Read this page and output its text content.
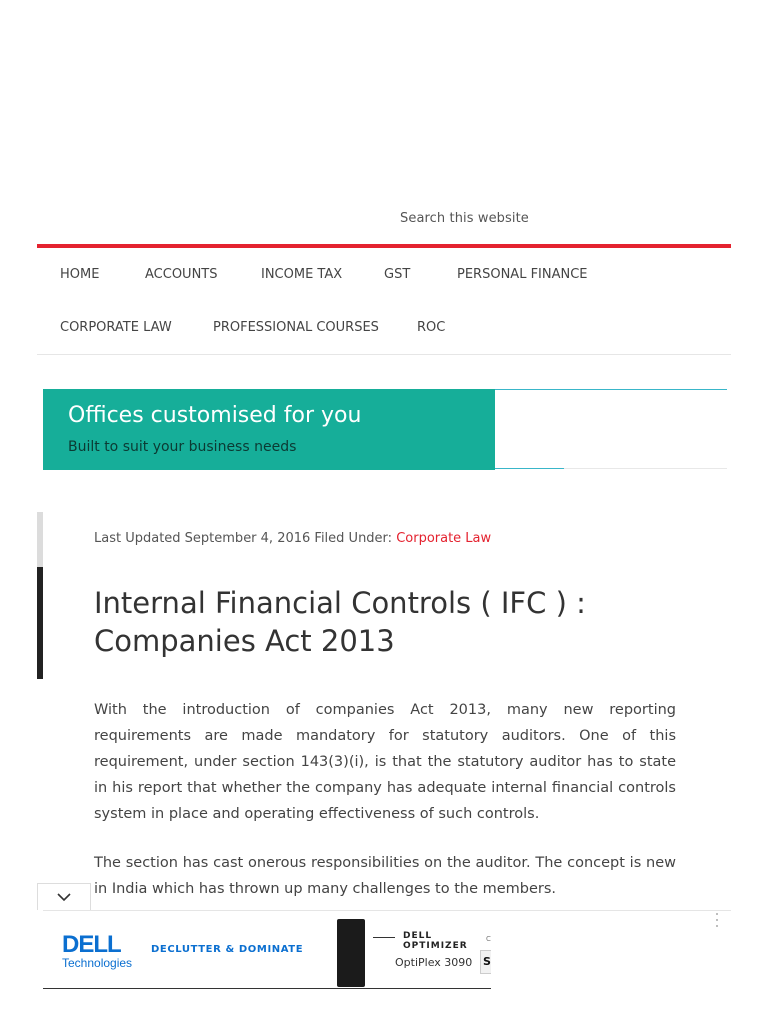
Search this website
HOME	ACCOUNTS	INCOME TAX	GST	PERSONAL FINANCE
CORPORATE LAW	PROFESSIONAL COURSES	ROC
Offices customised for you
Built to suit your business needs
Last Updated September 4, 2016 Filed Under: Corporate Law
Internal Financial Controls ( IFC ) : Companies Act 2013

With the introduction of companies Act 2013, many new reporting requirements are made mandatory for statutory auditors. One of this requirement, under section 143(3)(i), is that the statutory auditor has to state in his report that whether the company has adequate internal financial controls system in place and operating effectiveness of such controls.

The section has cast onerous responsibilities on the auditor. The concept is new in India which has thrown up many challenges to the members.

DELL
Technologies
DECLUTTER & DOMINATE
DELL
OPTIMIZER
OptiPlex 3090
C
S
